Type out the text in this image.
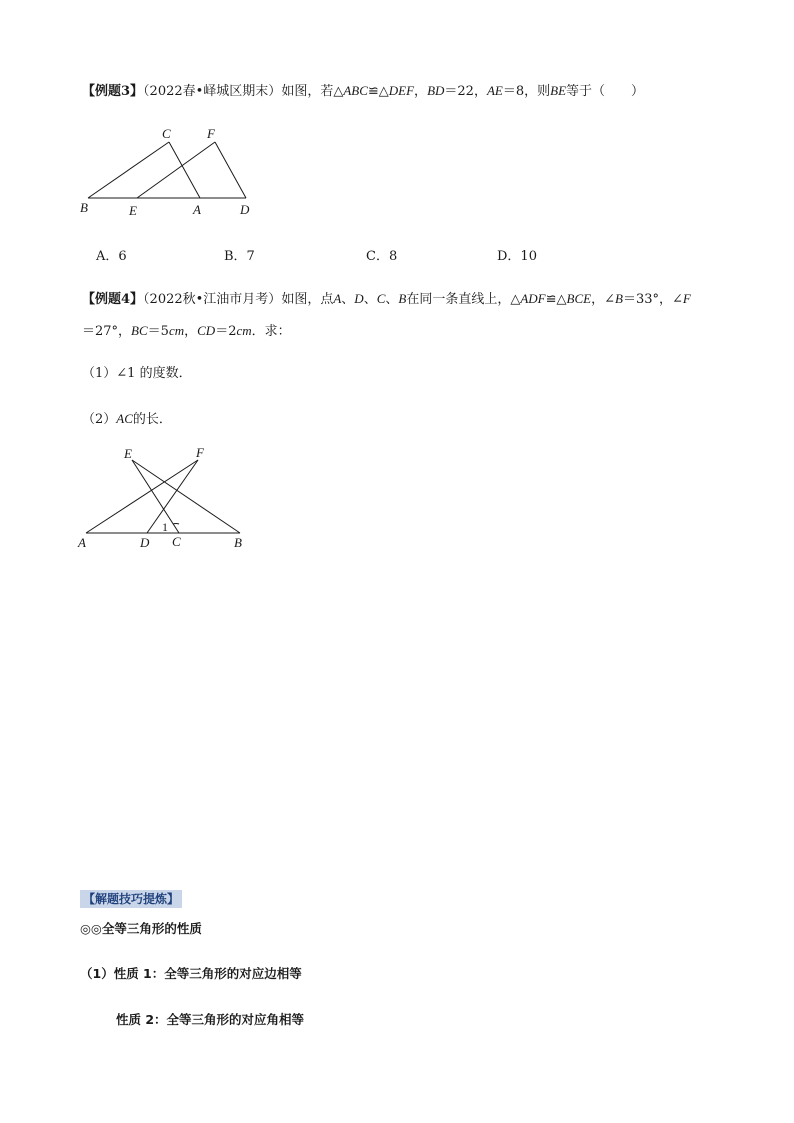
【例题3】（2022春•峄城区期末）如图，若△ABC≌△DEF，BD＝22，AE＝8，则BE等于（　　）
B	E	A	D
C	F
A．6	B．7	C．8	D．10
【例题4】（2022秋•江油市月考）如图，点A、D、C、B在同一条直线上，△ADF≌△BCE，∠B＝33°，∠F
＝27°，BC＝5cm，CD＝2cm．求：
（1）∠1 的度数．
（2）AC的长．
E	F
A	D C	B
1
【解题技巧提炼】
◎◎全等三角形的性质
（1）性质 1：全等三角形的对应边相等
性质 2：全等三角形的对应角相等
